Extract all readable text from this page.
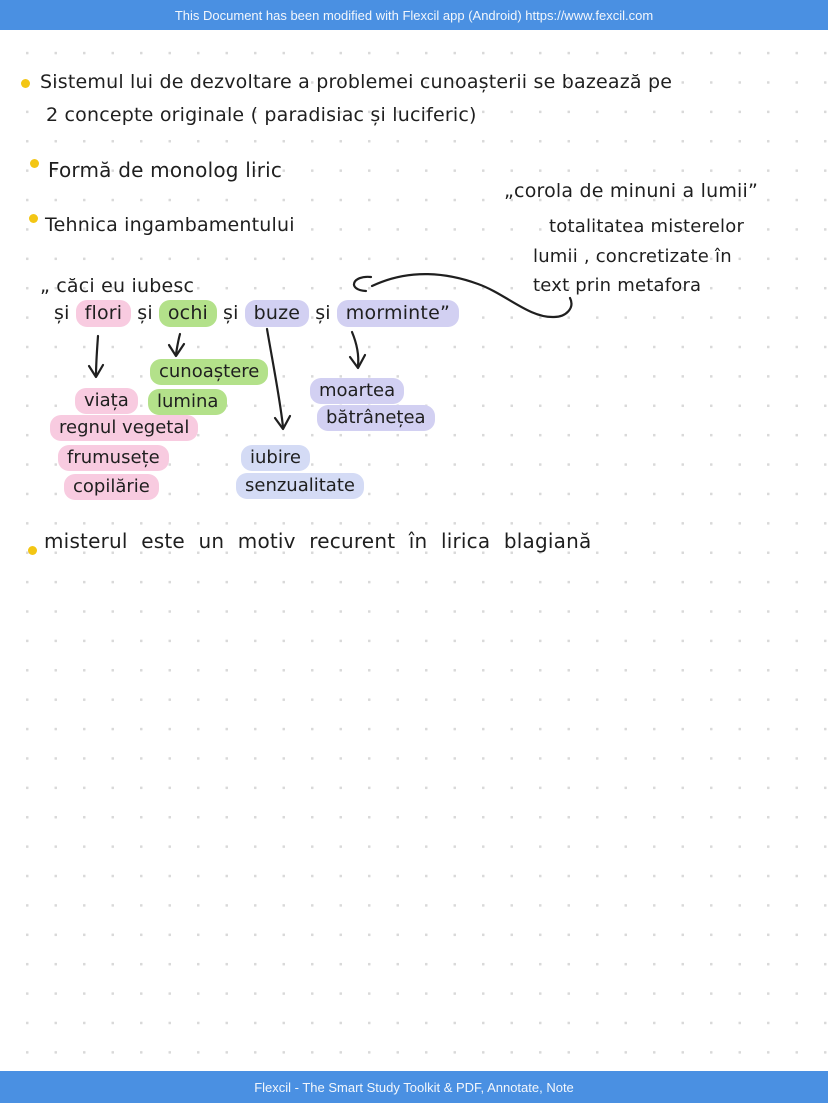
This Document has been modified with Flexcil app (Android) https://www.fexcil.com
Sistemul lui de dezvoltare a problemei cunoașterii se bazează pe
2 concepte originale ( paradisiac și luciferic)
Formă de monolog liric
Tehnica ingambamentului
„corola de minuni a lumii”
totalitatea misterelor
lumii , concretizate în
text prin metafora
„ căci eu iubesc
și flori și ochi și buze și morminte”
cunoaștere
viața	lumina
moartea
bătrânețea
regnul vegetal
frumusețe	iubire
copilărie	senzualitate
misterul este un motiv recurent în lirica blagiană
Flexcil - The Smart Study Toolkit & PDF, Annotate, Note
